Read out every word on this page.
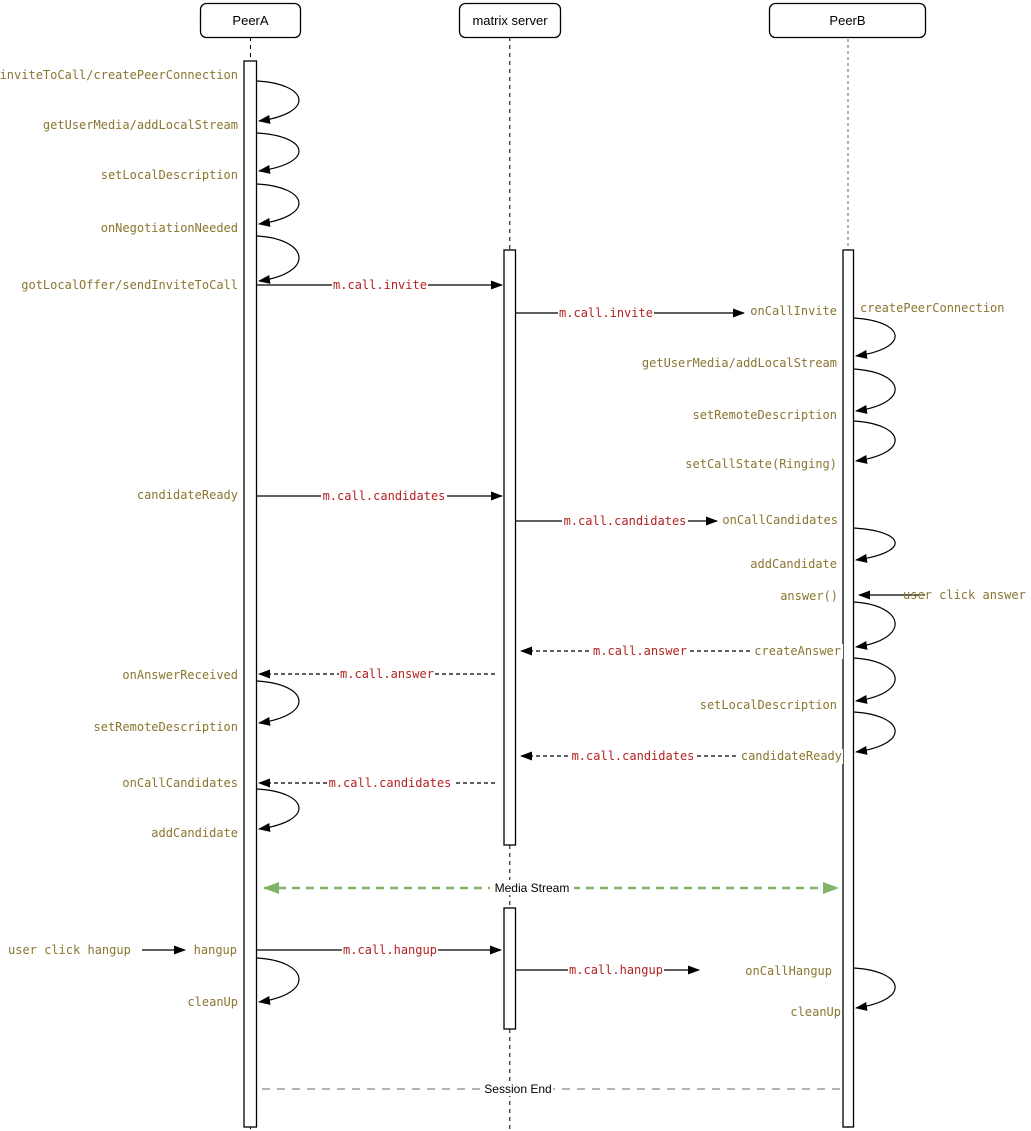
Media Stream
Session End
m.call.invite
m.call.invite
m.call.candidates
m.call.candidates
m.call.answer
m.call.answer
m.call.candidates
m.call.candidates
m.call.hangup
m.call.hangup
inviteToCall/createPeerConnection
getUserMedia/addLocalStream
setLocalDescription
onNegotiationNeeded
gotLocalOffer/sendInviteToCall
candidateReady
onAnswerReceived
setRemoteDescription
onCallCandidates
addCandidate
hangup
cleanUp
user click hangup
onCallInvite createPeerConnection
getUserMedia/addLocalStream
setRemoteDescription
setCallState(Ringing)
onCallCandidates
addCandidate
answer()
createAnswer
setLocalDescription
candidateReady
onCallHangup
cleanUp
user click answer
PeerA	matrix server	PeerB
